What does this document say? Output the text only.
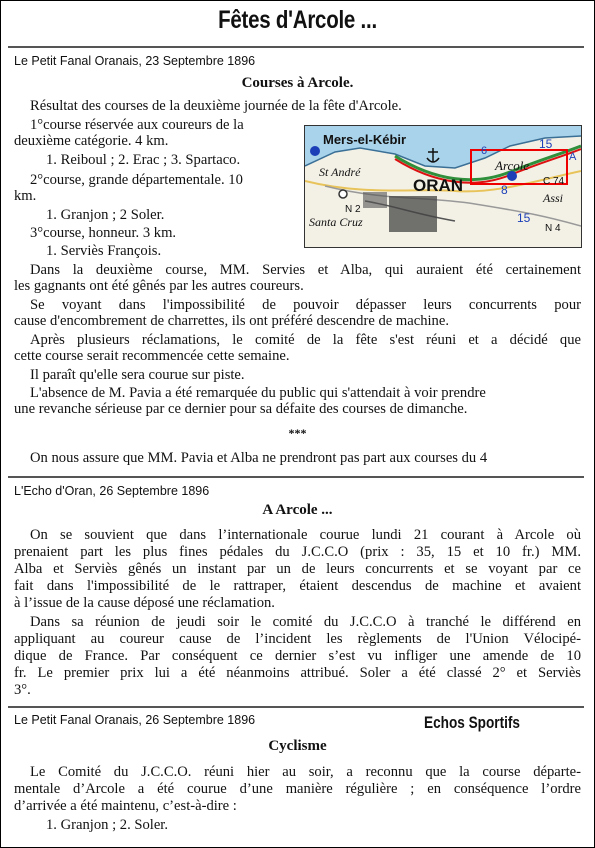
Fêtes d'Arcole ...
Le Petit Fanal Oranais, 23 Septembre 1896
Courses à Arcole.
Résultat des courses de la deuxième journée de la fête d'Arcole.
1°course réservée aux coureurs de la
deuxième catégorie. 4 km.
1. Reiboul ; 2. Erac ; 3. Spartaco.
2°course, grande départementale. 10
km.
1. Granjon ; 2 Soler.
3°course, honneur. 3 km.
1. Serviès François.
Dans la deuxième course, MM. Servies et Alba, qui auraient été certainement
les gagnants ont été gênés par les autres coureurs.
Se voyant dans l'impossibilité de pouvoir dépasser leurs concurrents pour
cause d'encombrement de charrettes, ils ont préféré descendre de machine.
Après plusieurs réclamations, le comité de la fête s'est réuni et a décidé que
cette course serait recommencée cette semaine.
Il paraît qu'elle sera courue sur piste.
L'absence de M. Pavia a été remarquée du public qui s'attendait à voir prendre
une revanche sérieuse par ce dernier pour sa défaite des courses de dimanche.
***
On nous assure que MM. Pavia et Alba ne prendront pas part aux courses du 4
Mers-el-Kébir
St André
ORAN
Arcole
Santa Cruz
Assi
N 2
N 4
15
15
8
6	A
C 74
L'Echo d'Oran, 26 Septembre 1896
A Arcole ...
On se souvient que dans l’internationale courue lundi 21 courant à Arcole où
prenaient part les plus fines pédales du J.C.C.O (prix : 35, 15 et 10 fr.) MM.
Alba et Serviès gênés un instant par un de leurs concurrents et se voyant par ce
fait dans l'impossibilité de le rattraper, étaient descendus de machine et avaient
à l’issue de la cause déposé une réclamation.
Dans sa réunion de jeudi soir le comité du J.C.C.O à tranché le différend en
appliquant au coureur cause de l’incident les règlements de l'Union Vélocipé-
dique de France. Par conséquent ce dernier s’est vu infliger une amende de 10
fr. Le premier prix lui a été néanmoins attribué. Soler a été classé 2° et Serviès
3°.
Le Petit Fanal Oranais, 26 Septembre 1896	Echos Sportifs
Cyclisme
Le Comité du J.C.C.O. réuni hier au soir, a reconnu que la course départe-
mentale d’Arcole a été courue d’une manière régulière ; en conséquence l’ordre
d’arrivée a été maintenu, c’est-à-dire :
1. Granjon ; 2. Soler.
